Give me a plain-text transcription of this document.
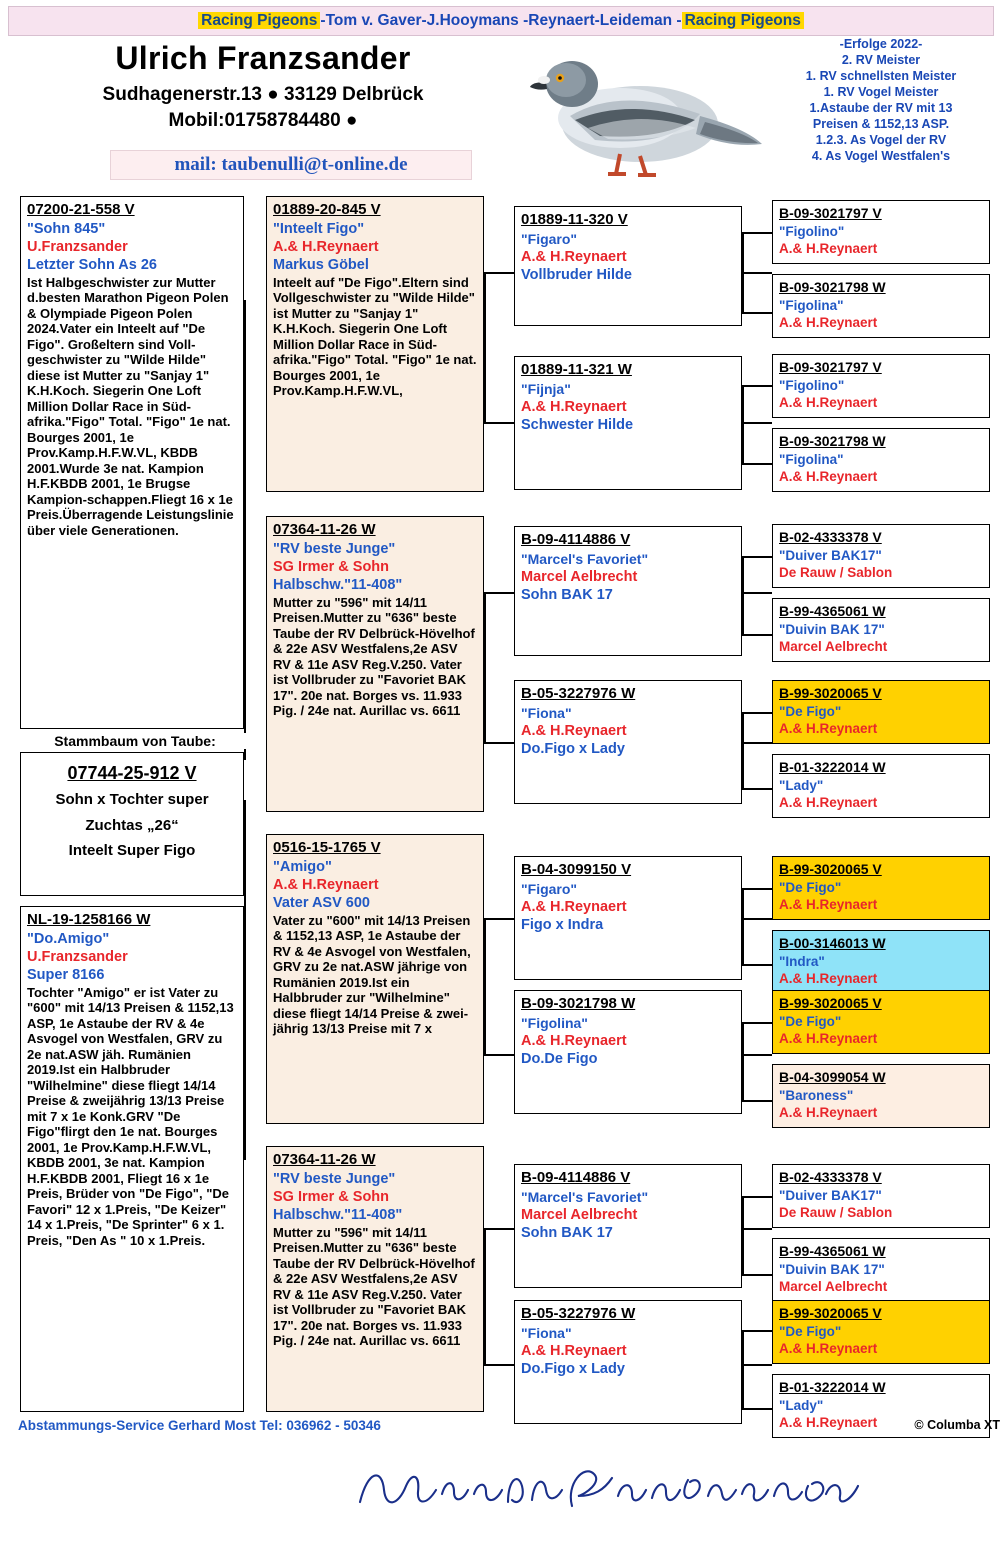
Racing Pigeons -Tom v. Gaver-J.Hooymans -Reynaert-Leideman - Racing Pigeons
Ulrich Franzsander
Sudhagenerstr.13 ● 33129 Delbrück
Mobil:01758784480 ●
mail: taubenulli@t-online.de
-Erfolge 2022-
2. RV Meister
1. RV schnellsten Meister
1. RV Vogel Meister
1.Astaube der RV mit 13
Preisen & 1152,13 ASP.
1.2.3. As Vogel der RV
4. As Vogel Westfalen's
07200-21-558 V
"Sohn 845"
U.Franzsander
Letzter Sohn As 26
Ist Halbgeschwister zur Mutter d.besten Marathon Pigeon Polen & Olympiade Pigeon Polen 2024.Vater ein Inteelt auf "De Figo". Großeltern sind Voll-geschwister zu "Wilde Hilde" diese ist Mutter zu "Sanjay 1" K.H.Koch. Siegerin One Loft Million Dollar Race in Süd-afrika."Figo" Total. "Figo" 1e nat. Bourges 2001, 1e Prov.Kamp.H.F.W.VL, KBDB 2001.Wurde 3e nat. Kampion H.F.KBDB 2001, 1e Brugse Kampion-schappen.Fliegt 16 x 1e Preis.Überragende Leistungslinie über viele Generationen.
Stammbaum von Taube:
07744-25-912 V
Sohn x Tochter super
Zuchtas „26“
Inteelt Super Figo
NL-19-1258166 W
"Do.Amigo"
U.Franzsander
Super 8166
Tochter "Amigo" er ist Vater zu "600" mit 14/13 Preisen & 1152,13 ASP, 1e Astaube der RV & 4e Asvogel von Westfalen, GRV zu 2e nat.ASW jäh. Rumänien 2019.Ist ein Halbbruder "Wilhelmine" diese fliegt 14/14 Preise & zweijährig 13/13 Preise mit 7 x 1e Konk.GRV "De Figo"flirgt den 1e nat. Bourges 2001, 1e Prov.Kamp.H.F.W.VL, KBDB 2001, 3e nat. Kampion H.F.KBDB 2001, Fliegt 16 x 1e Preis, Brüder von "De Figo", "De Favori" 12 x 1.Preis, "De Keizer" 14 x 1.Preis, "De Sprinter" 6 x 1. Preis, "Den As " 10 x 1.Preis.
01889-20-845 V
"Inteelt Figo"
A.& H.Reynaert
Markus Göbel
Inteelt auf "De Figo".Eltern sind Vollgeschwister zu "Wilde Hilde" ist Mutter zu "Sanjay 1" K.H.Koch. Siegerin One Loft Million Dollar Race in Süd-afrika."Figo" Total. "Figo" 1e nat. Bourges 2001, 1e Prov.Kamp.H.F.W.VL,
07364-11-26 W
"RV beste Junge"
SG Irmer & Sohn
Halbschw."11-408"
Mutter zu "596" mit 14/11 Preisen.Mutter zu "636" beste Taube der RV Delbrück-Hövelhof & 22e ASV Westfalens,2e ASV RV & 11e ASV Reg.V.250. Vater ist Vollbruder zu "Favoriet BAK 17". 20e nat. Borges vs. 11.933 Pig. / 24e nat. Aurillac vs. 6611
0516-15-1765 V
"Amigo"
A.& H.Reynaert
Vater ASV 600
Vater zu "600" mit 14/13 Preisen & 1152,13 ASP, 1e Astaube der RV & 4e Asvogel von Westfalen, GRV zu 2e nat.ASW jährige von Rumänien 2019.Ist ein Halbbruder zur "Wilhelmine" diese fliegt 14/14 Preise & zwei-jährig 13/13 Preise mit 7 x
07364-11-26 W
"RV beste Junge"
SG Irmer & Sohn
Halbschw."11-408"
Mutter zu "596" mit 14/11 Preisen.Mutter zu "636" beste Taube der RV Delbrück-Hövelhof & 22e ASV Westfalens,2e ASV RV & 11e ASV Reg.V.250. Vater ist Vollbruder zu "Favoriet BAK 17". 20e nat. Borges vs. 11.933 Pig. / 24e nat. Aurillac vs. 6611
01889-11-320 V
"Figaro"
A.& H.Reynaert
Vollbruder Hilde
01889-11-321 W
"Fijnja"
A.& H.Reynaert
Schwester Hilde
B-09-4114886 V
"Marcel's Favoriet"
Marcel Aelbrecht
Sohn BAK 17
B-05-3227976 W
"Fiona"
A.& H.Reynaert
Do.Figo x Lady
B-04-3099150 V
"Figaro"
A.& H.Reynaert
Figo x Indra
B-09-3021798 W
"Figolina"
A.& H.Reynaert
Do.De Figo
B-09-4114886 V
"Marcel's Favoriet"
Marcel Aelbrecht
Sohn BAK 17
B-05-3227976 W
"Fiona"
A.& H.Reynaert
Do.Figo x Lady
B-09-3021797 V
"Figolino"
A.& H.Reynaert
B-09-3021798 W
"Figolina"
A.& H.Reynaert
B-09-3021797 V
"Figolino"
A.& H.Reynaert
B-09-3021798 W
"Figolina"
A.& H.Reynaert
B-02-4333378 V
"Duiver BAK17"
De Rauw / Sablon
B-99-4365061 W
"Duivin BAK 17"
Marcel Aelbrecht
B-99-3020065 V
"De Figo"
A.& H.Reynaert
B-01-3222014 W
"Lady"
A.& H.Reynaert
B-99-3020065 V
"De Figo"
A.& H.Reynaert
B-00-3146013 W
"Indra"
A.& H.Reynaert
B-99-3020065 V
"De Figo"
A.& H.Reynaert
B-04-3099054 W
"Baroness"
A.& H.Reynaert
B-02-4333378 V
"Duiver BAK17"
De Rauw / Sablon
B-99-4365061 W
"Duivin BAK 17"
Marcel Aelbrecht
B-99-3020065 V
"De Figo"
A.& H.Reynaert
B-01-3222014 W
"Lady"
A.& H.Reynaert
Abstammungs-Service Gerhard Most Tel: 036962 - 50346	© Columba XT
